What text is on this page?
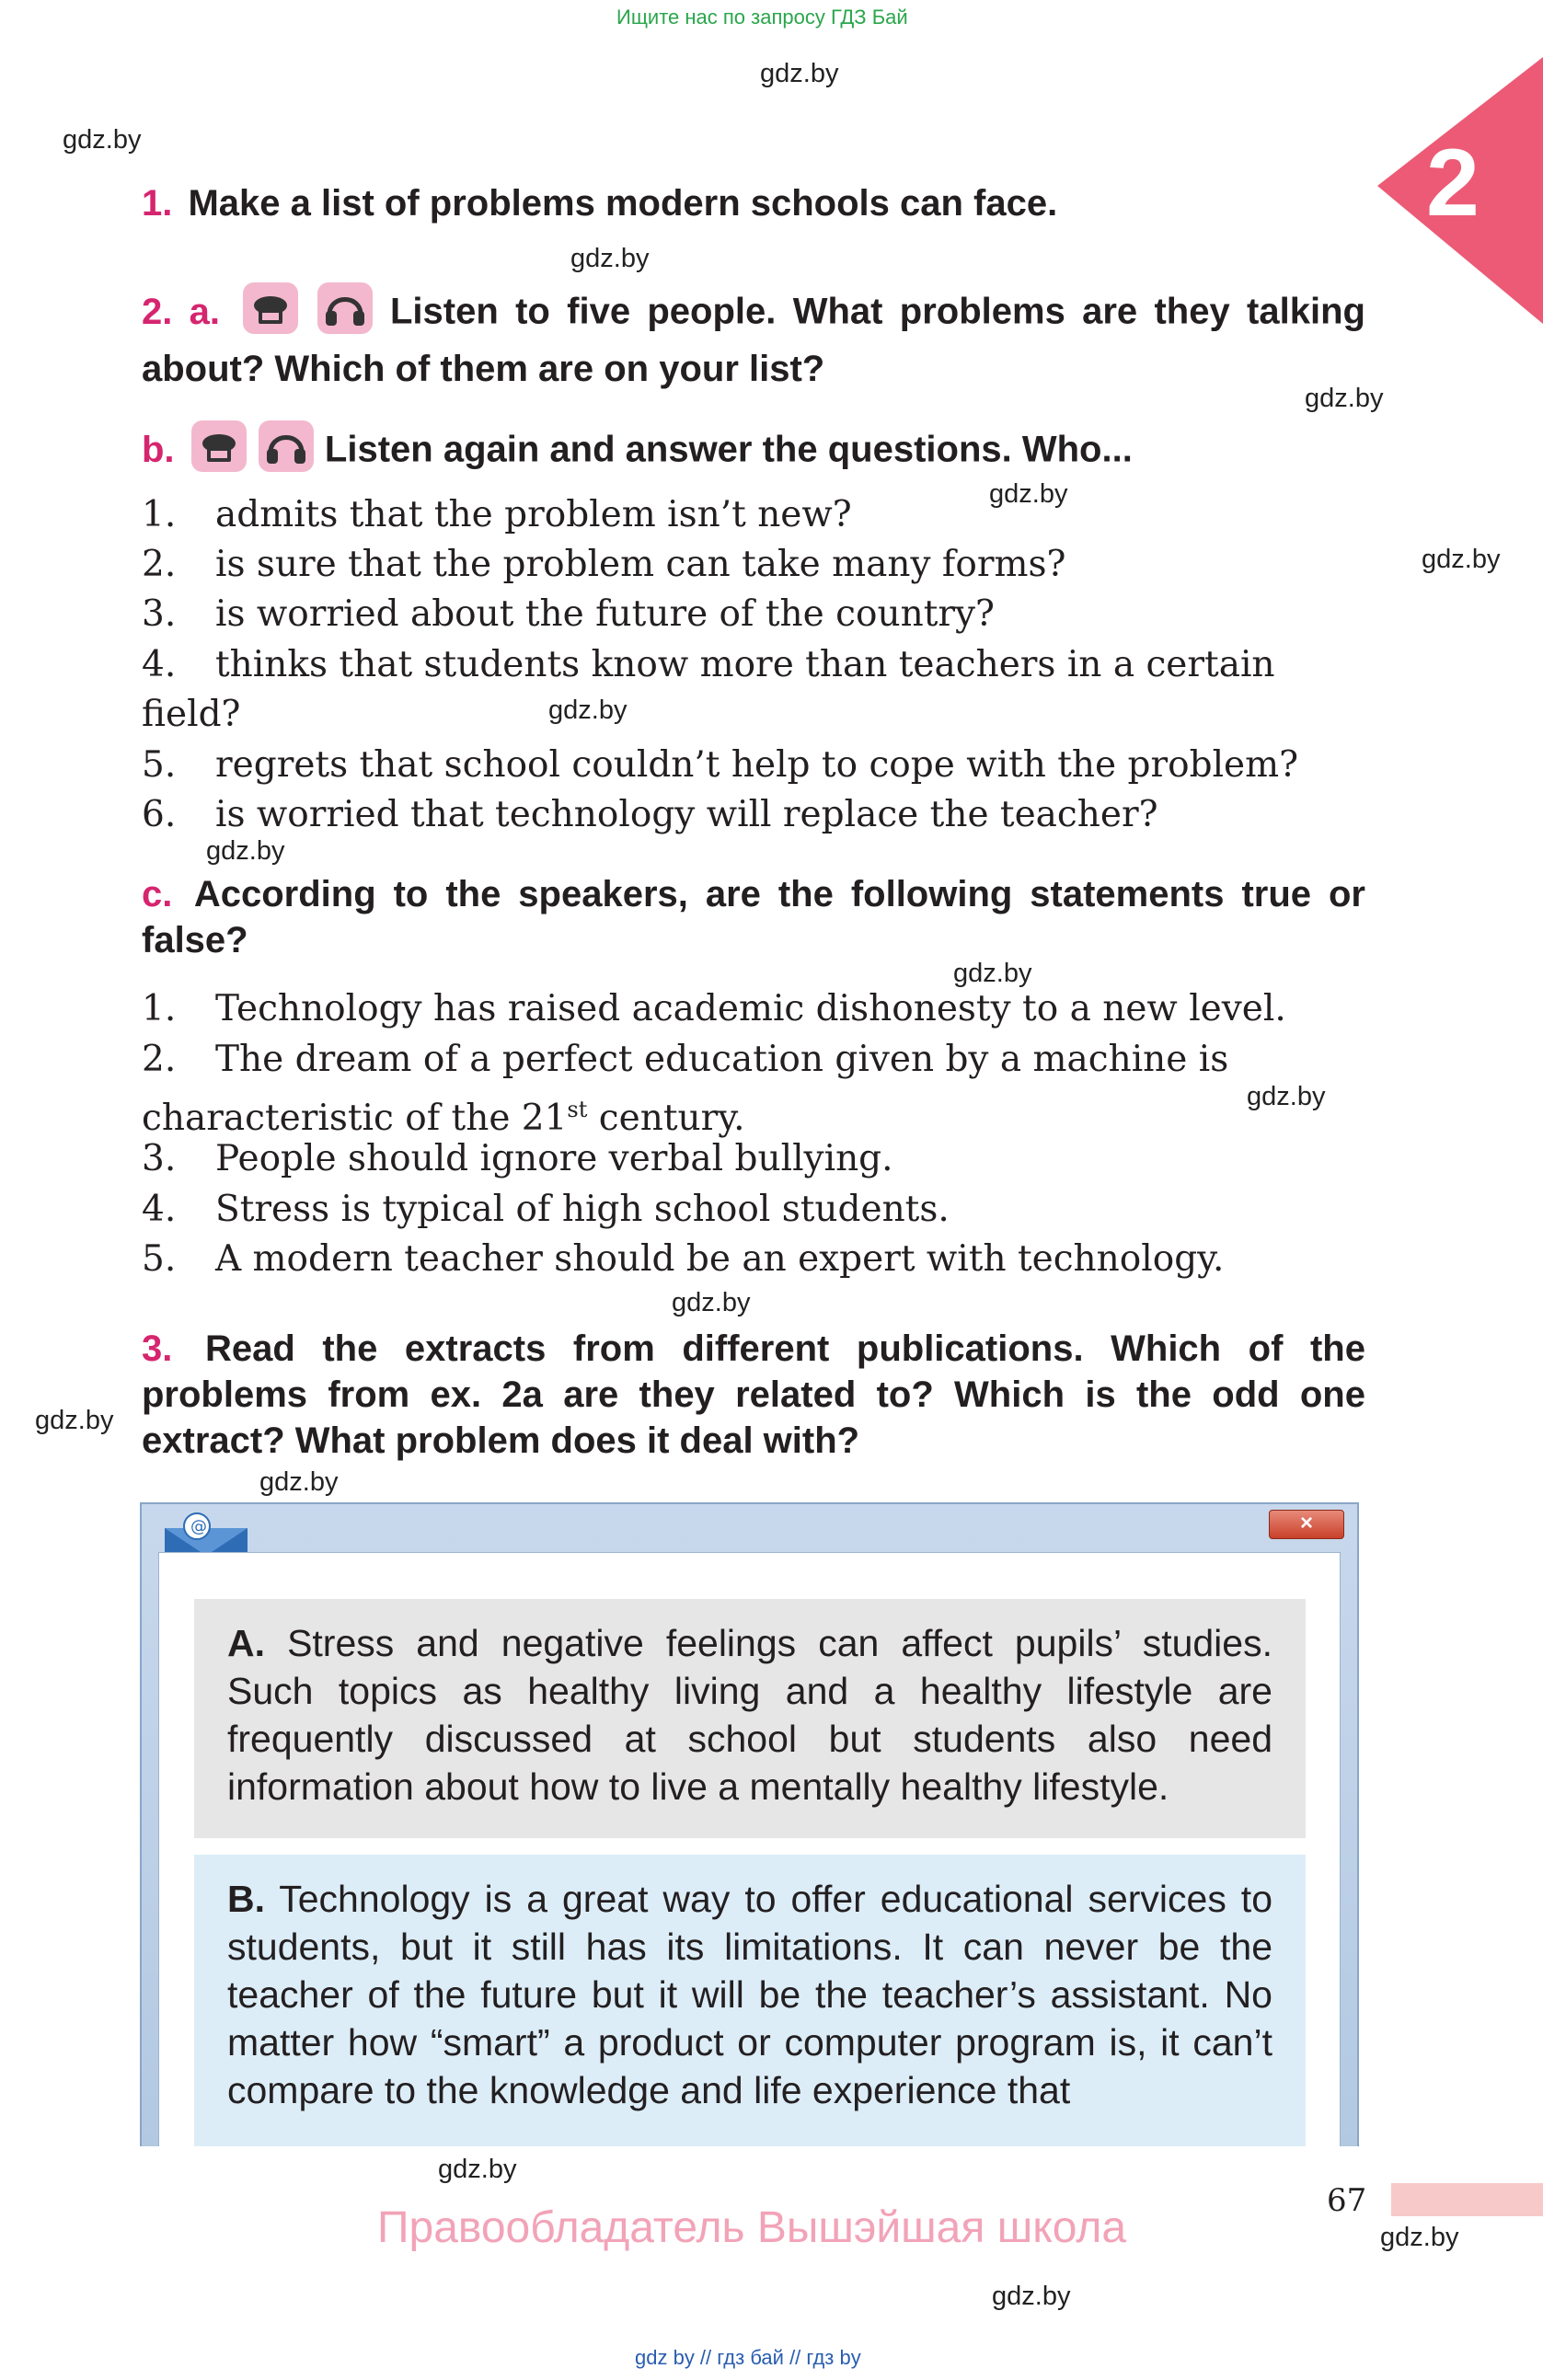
Ищите нас по запросу ГДЗ Бай
2
gdz.by
gdz.by
gdz.by
gdz.by
gdz.by
gdz.by
gdz.by
gdz.by
gdz.by
gdz.by
gdz.by
gdz.by
gdz.by
gdz.by
gdz.by
gdz.by
1. Make a list of problems modern schools can face.
2. a.	Listen to five people. What problems are they talking about? Which of them are on your list?
b.	Listen again and answer the questions. Who...
1. admits that the problem isn’t new?
2. is sure that the problem can take many forms?
3. is worried about the future of the country?
4. thinks that students know more than teachers in a certain
field?
5. regrets that school couldn’t help to cope with the problem?
6. is worried that technology will replace the teacher?
c. According to the speakers, are the following statements true or false?
1. Technology has raised academic dishonesty to a new level.
2. The dream of a perfect education given by a machine is
characteristic of the 21st century.
3. People should ignore verbal bullying.
4. Stress is typical of high school students.
5. A modern teacher should be an expert with technology.
3. Read the extracts from different publications. Which of the problems from ex. 2a are they related to? Which is the odd one extract? What problem does it deal with?
@	×
A. Stress and negative feelings can affect pupils’ studies. Such topics as healthy living and a healthy lifestyle are frequently discussed at school but students also need information about how to live a mentally healthy lifestyle.
B. Technology is a great way to offer educational services to students, but it still has its limitations. It can never be the teacher of the future but it will be the teacher’s assistant. No matter how “smart” a product or computer program is, it can’t compare to the knowledge and life experience that
67
Правообладатель Вышэйшая школа
gdz by // гдз бай // гдз by
